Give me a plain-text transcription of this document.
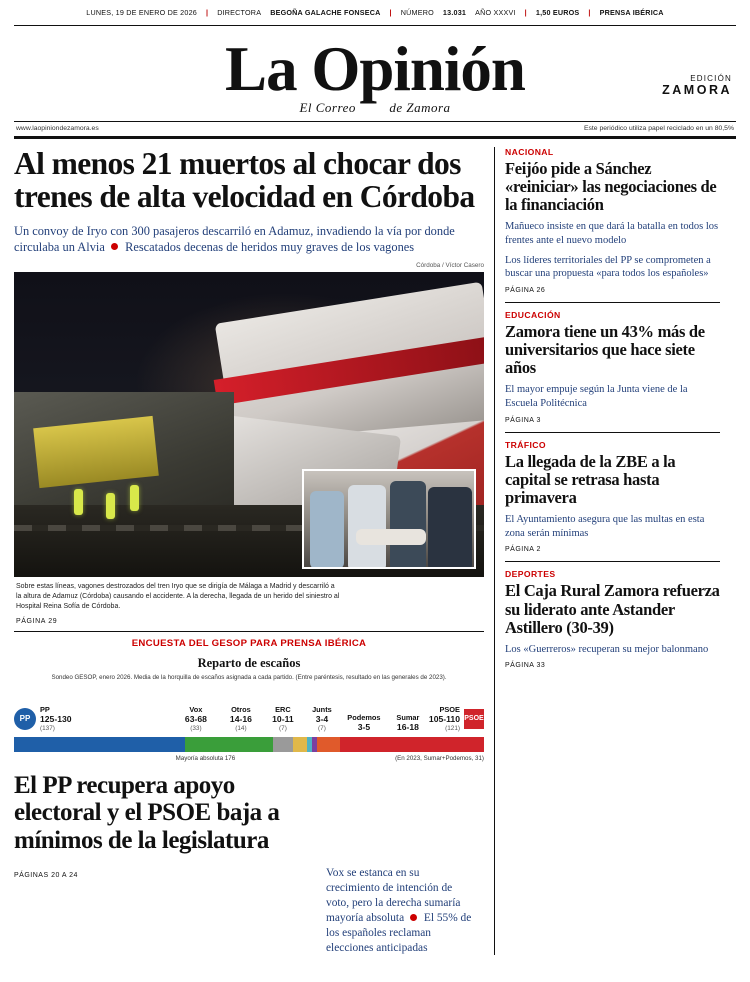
LUNES, 19 DE ENERO DE 2026 | DIRECTORA BEGOÑA GALACHE FONSECA | NÚMERO 13.031 AÑO XXXVI | 1,50 EUROS | PRENSA IBÉRICA
La Opinión
El Correo	de Zamora
EDICIÓN
ZAMORA
www.laopiniondezamora.es	Este periódico utiliza papel reciclado en un 80,5%
Al menos 21 muertos al chocar dos trenes de alta velocidad en Córdoba
Un convoy de Iryo con 300 pasajeros descarriló en Adamuz, invadiendo la vía por donde circulaba un Alvia Rescatados decenas de heridos muy graves de los vagones
Córdoba / Víctor Casero
Sobre estas líneas, vagones destrozados del tren Iryo que se dirigía de Málaga a Madrid y descarriló a la altura de Adamuz (Córdoba) causando el accidente. A la derecha, llegada de un herido del siniestro al Hospital Reina Sofía de Córdoba.
PÁGINA 29
ENCUESTA DEL GESOP PARA PRENSA IBÉRICA
Reparto de escaños
Sondeo GESOP, enero 2026. Media de la horquilla de escaños asignada a cada partido. (Entre paréntesis, resultado en las generales de 2023).
PP
PP
125-130
(137)
Vox
63-68
(33)
Otros
14-16
(14)
ERC
10-11
(7)
Junts
3-4
(7)
Podemos
3-5
Sumar
16-18
PSOE
105-110
(121)
PSOE
Mayoría absoluta 176	(En 2023, Sumar+Podemos, 31)
El PP recupera apoyo electoral y el PSOE baja a mínimos de la legislatura
PÁGINAS 20 A 24	Vox se estanca en su crecimiento de intención de voto, pero la derecha sumaría mayoría absoluta El 55% de los españoles reclaman elecciones anticipadas
NACIONAL
Feijóo pide a Sánchez «reiniciar» las negociaciones de la financiación
Mañueco insiste en que dará la batalla en todos los frentes ante el nuevo modelo
Los líderes territoriales del PP se comprometen a buscar una propuesta «para todos los españoles»
PÁGINA 26
EDUCACIÓN
Zamora tiene un 43% más de universitarios que hace siete años
El mayor empuje según la Junta viene de la Escuela Politécnica
PÁGINA 3
TRÁFICO
La llegada de la ZBE a la capital se retrasa hasta primavera
El Ayuntamiento asegura que las multas en esta zona serán mínimas
PÁGINA 2
DEPORTES
El Caja Rural Zamora refuerza su liderato ante Astander Astillero (30-39)
Los «Guerreros» recuperan su mejor balonmano
PÁGINA 33
